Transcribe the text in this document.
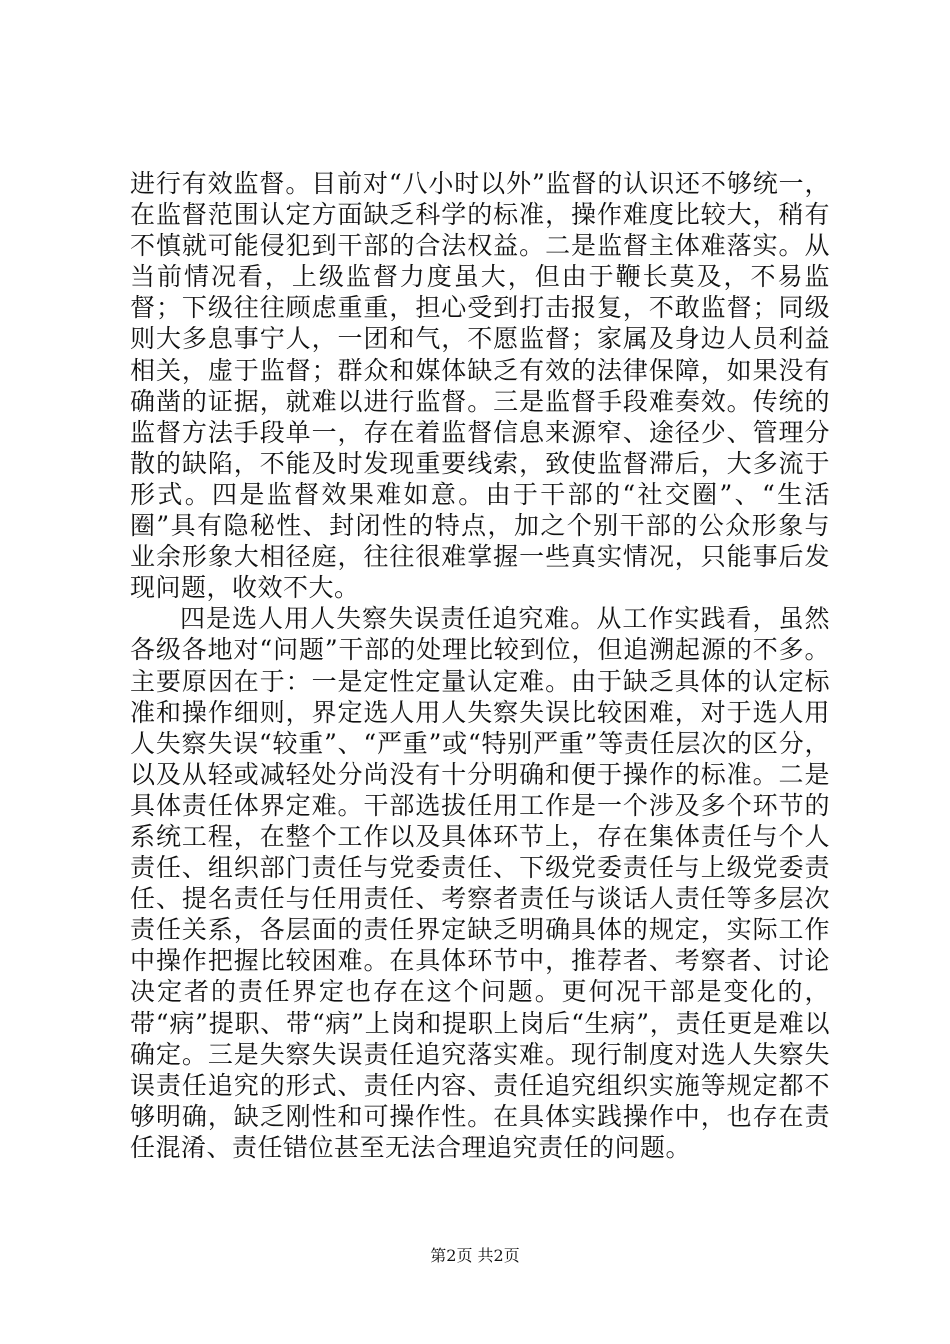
进行有效监督。目前对“八小时以外”监督的认识还不够统一，在监督范围认定方面缺乏科学的标准，操作难度比较大，稍有不慎就可能侵犯到干部的合法权益。二是监督主体难落实。从当前情况看，上级监督力度虽大，但由于鞭长莫及，不易监督；下级往往顾虑重重，担心受到打击报复，不敢监督；同级则大多息事宁人，一团和气，不愿监督；家属及身边人员利益相关，虚于监督；群众和媒体缺乏有效的法律保障，如果没有确凿的证据，就难以进行监督。三是监督手段难奏效。传统的监督方法手段单一，存在着监督信息来源窄、途径少、管理分散的缺陷，不能及时发现重要线索，致使监督滞后，大多流于形式。四是监督效果难如意。由于干部的“社交圈”、“生活圈”具有隐秘性、封闭性的特点，加之个别干部的公众形象与业余形象大相径庭，往往很难掌握一些真实情况，只能事后发现问题，收效不大。

四是选人用人失察失误责任追究难。从工作实践看，虽然各级各地对“问题”干部的处理比较到位，但追溯起源的不多。主要原因在于：一是定性定量认定难。由于缺乏具体的认定标准和操作细则，界定选人用人失察失误比较困难，对于选人用人失察失误“较重”、“严重”或“特别严重”等责任层次的区分，以及从轻或减轻处分尚没有十分明确和便于操作的标准。二是具体责任体界定难。干部选拔任用工作是一个涉及多个环节的系统工程，在整个工作以及具体环节上，存在集体责任与个人责任、组织部门责任与党委责任、下级党委责任与上级党委责任、提名责任与任用责任、考察者责任与谈话人责任等多层次责任关系，各层面的责任界定缺乏明确具体的规定，实际工作中操作把握比较困难。在具体环节中，推荐者、考察者、讨论决定者的责任界定也存在这个问题。更何况干部是变化的，带“病”提职、带“病”上岗和提职上岗后“生病”，责任更是难以确定。三是失察失误责任追究落实难。现行制度对选人失察失误责任追究的形式、责任内容、责任追究组织实施等规定都不够明确，缺乏刚性和可操作性。在具体实践操作中，也存在责任混淆、责任错位甚至无法合理追究责任的问题。

第2页 共2页
